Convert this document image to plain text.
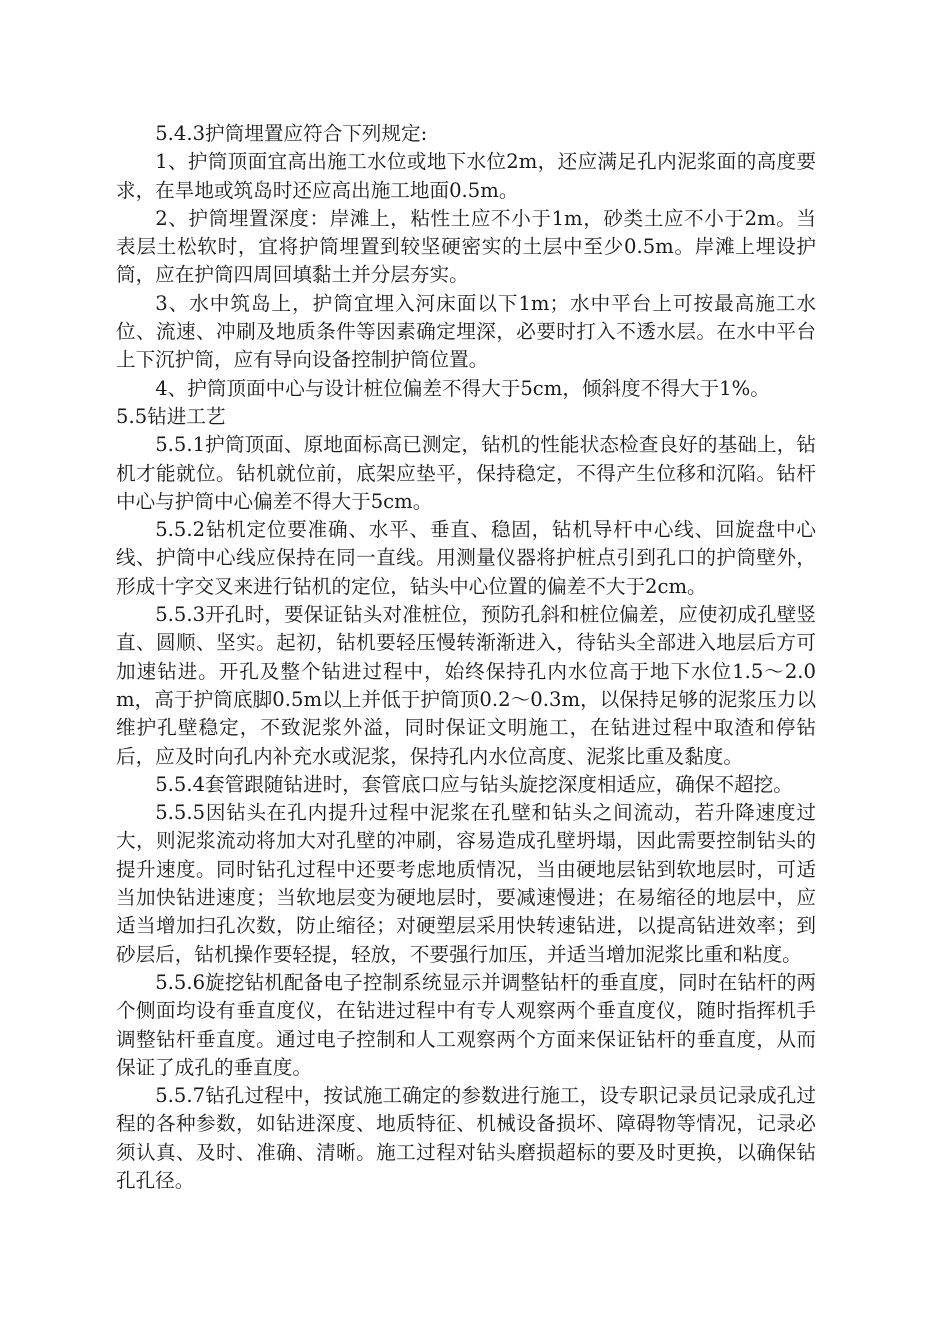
5.4.3护筒埋置应符合下列规定:

1、护筒顶面宜高出施工水位或地下水位2m，还应满足孔内泥浆面的高度要求，在旱地或筑岛时还应高出施工地面0.5m。

2、护筒埋置深度：岸滩上，粘性土应不小于1m，砂类土应不小于2m。当表层土松软时，宜将护筒埋置到较坚硬密实的土层中至少0.5m。岸滩上埋设护筒，应在护筒四周回填黏土并分层夯实。

3、水中筑岛上，护筒宜埋入河床面以下1m；水中平台上可按最高施工水位、流速、冲刷及地质条件等因素确定埋深，必要时打入不透水层。在水中平台上下沉护筒，应有导向设备控制护筒位置。

4、护筒顶面中心与设计桩位偏差不得大于5cm，倾斜度不得大于1%。

5.5钻进工艺

5.5.1护筒顶面、原地面标高已测定，钻机的性能状态检查良好的基础上，钻机才能就位。钻机就位前，底架应垫平，保持稳定，不得产生位移和沉陷。钻杆中心与护筒中心偏差不得大于5cm。

5.5.2钻机定位要准确、水平、垂直、稳固，钻机导杆中心线、回旋盘中心线、护筒中心线应保持在同一直线。用测量仪器将护桩点引到孔口的护筒壁外，形成十字交叉来进行钻机的定位，钻头中心位置的偏差不大于2cm。

5.5.3开孔时，要保证钻头对准桩位，预防孔斜和桩位偏差，应使初成孔壁竖直、圆顺、坚实。起初，钻机要轻压慢转渐渐进入，待钻头全部进入地层后方可加速钻进。开孔及整个钻进过程中，始终保持孔内水位高于地下水位1.5～2.0m，高于护筒底脚0.5m以上并低于护筒顶0.2～0.3m，以保持足够的泥浆压力以维护孔壁稳定，不致泥浆外溢，同时保证文明施工，在钻进过程中取渣和停钻后，应及时向孔内补充水或泥浆，保持孔内水位高度、泥浆比重及黏度。

5.5.4套管跟随钻进时，套管底口应与钻头旋挖深度相适应，确保不超挖。

5.5.5因钻头在孔内提升过程中泥浆在孔壁和钻头之间流动，若升降速度过大，则泥浆流动将加大对孔壁的冲刷，容易造成孔壁坍塌，因此需要控制钻头的提升速度。同时钻孔过程中还要考虑地质情况，当由硬地层钻到软地层时，可适当加快钻进速度；当软地层变为硬地层时，要减速慢进；在易缩径的地层中，应适当增加扫孔次数，防止缩径；对硬塑层采用快转速钻进，以提高钻进效率；到砂层后，钻机操作要轻提，轻放，不要强行加压，并适当增加泥浆比重和粘度。

5.5.6旋挖钻机配备电子控制系统显示并调整钻杆的垂直度，同时在钻杆的两个侧面均设有垂直度仪，在钻进过程中有专人观察两个垂直度仪，随时指挥机手调整钻杆垂直度。通过电子控制和人工观察两个方面来保证钻杆的垂直度，从而保证了成孔的垂直度。

5.5.7钻孔过程中，按试施工确定的参数进行施工，设专职记录员记录成孔过程的各种参数，如钻进深度、地质特征、机械设备损坏、障碍物等情况，记录必须认真、及时、准确、清晰。施工过程对钻头磨损超标的要及时更换，以确保钻孔孔径。
